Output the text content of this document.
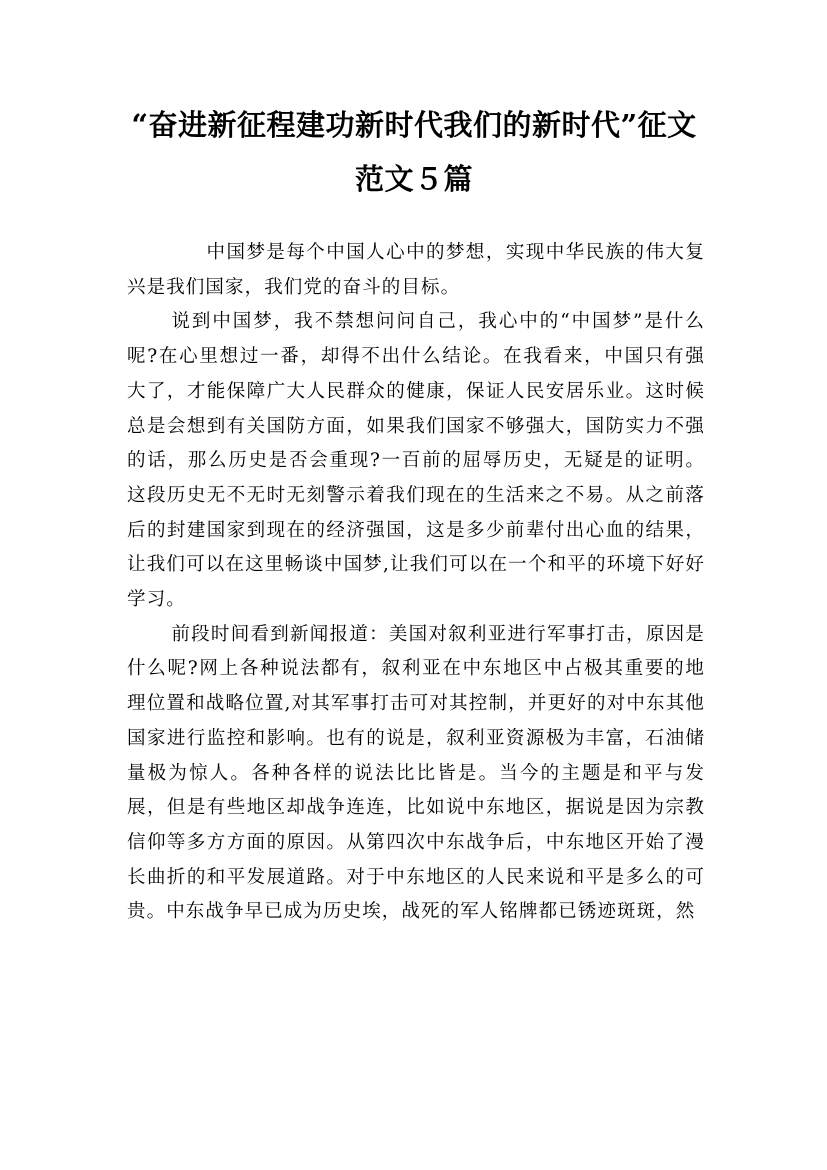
“奋进新征程建功新时代我们的新时代”征文范文５篇

中国梦是每个中国人心中的梦想，实现中华民族的伟大复兴是我们国家，我们党的奋斗的目标。

说到中国梦，我不禁想问问自己，我心中的“中国梦”是什么呢?在心里想过一番，却得不出什么结论。在我看来，中国只有强大了，才能保障广大人民群众的健康，保证人民安居乐业。这时候总是会想到有关国防方面，如果我们国家不够强大，国防实力不强的话，那么历史是否会重现?一百前的屈辱历史，无疑是的证明。这段历史无不无时无刻警示着我们现在的生活来之不易。从之前落后的封建国家到现在的经济强国，这是多少前辈付出心血的结果，让我们可以在这里畅谈中国梦,让我们可以在一个和平的环境下好好学习。

前段时间看到新闻报道：美国对叙利亚进行军事打击，原因是什么呢?网上各种说法都有，叙利亚在中东地区中占极其重要的地理位置和战略位置,对其军事打击可对其控制，并更好的对中东其他国家进行监控和影响。也有的说是，叙利亚资源极为丰富，石油储量极为惊人。各种各样的说法比比皆是。当今的主题是和平与发展，但是有些地区却战争连连，比如说中东地区，据说是因为宗教信仰等多方方面的原因。从第四次中东战争后，中东地区开始了漫长曲折的和平发展道路。对于中东地区的人民来说和平是多么的可贵。中东战争早已成为历史埃，战死的军人铭牌都已锈迹斑斑，然
